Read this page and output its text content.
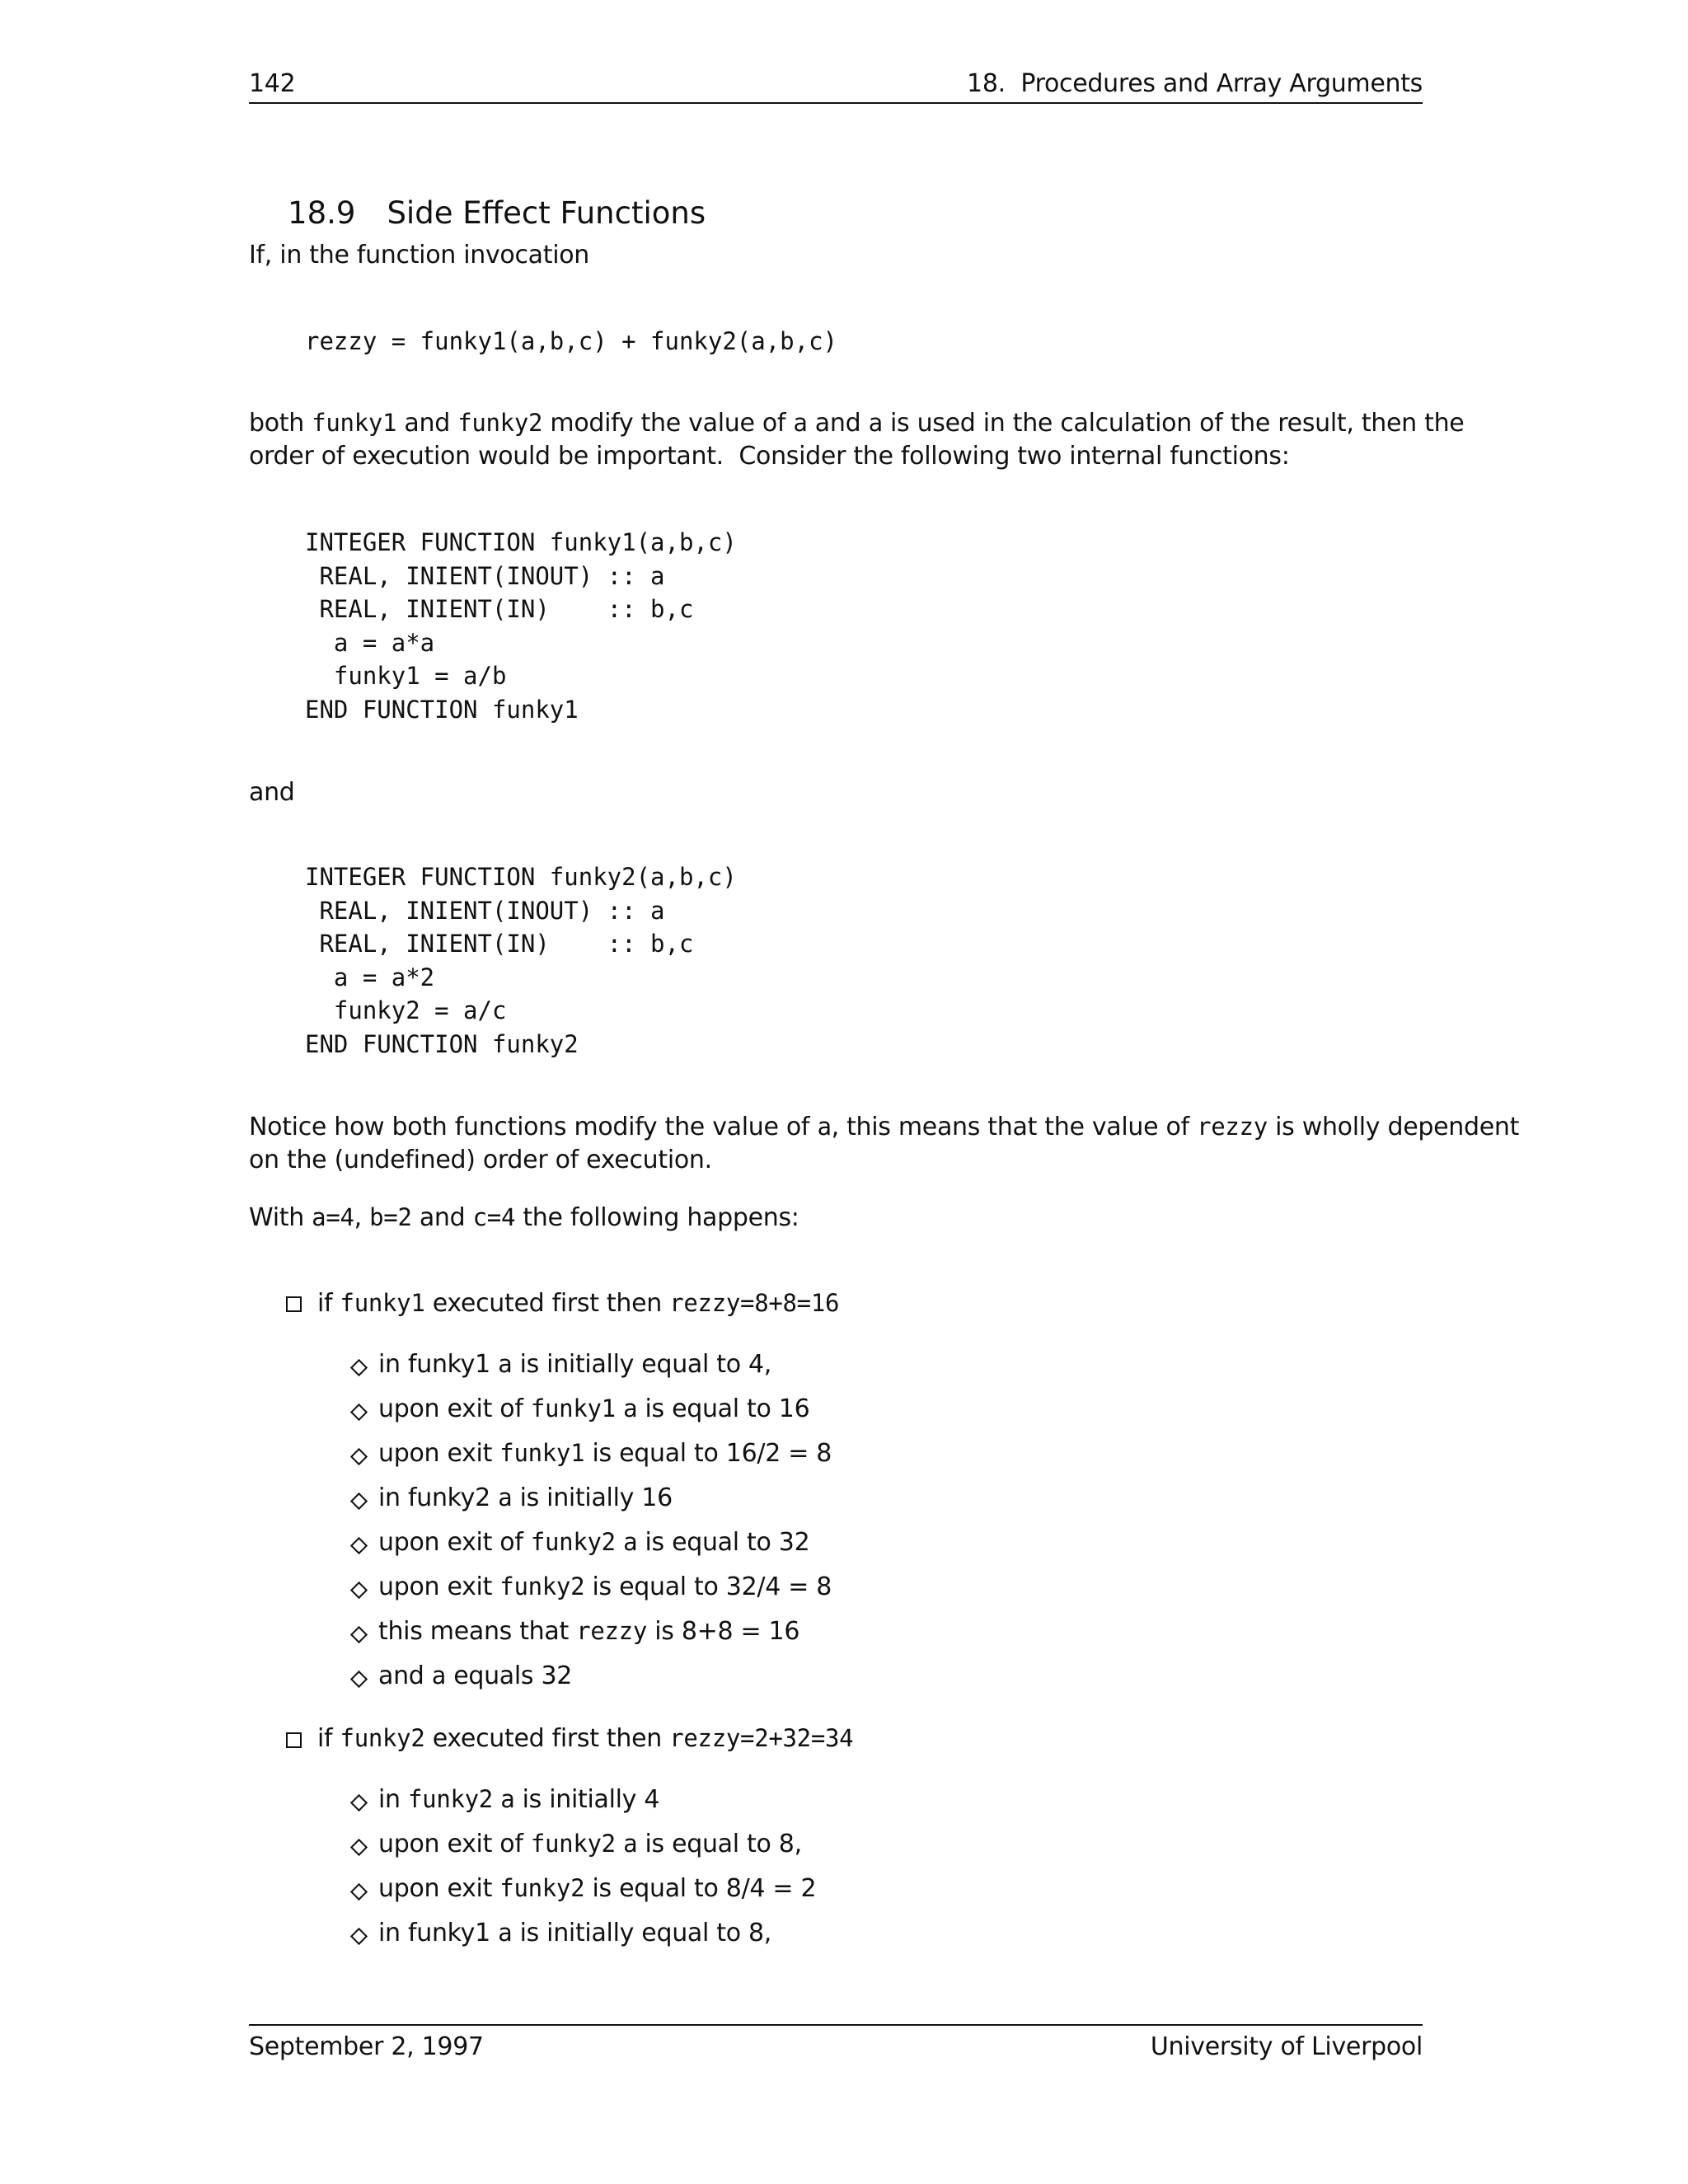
142	18.  Procedures and Array Arguments

18.9 Side Effect Functions

If, in the function invocation
rezzy = funky1(a,b,c) + funky2(a,b,c)
both funky1 and funky2 modify the value of a and a is used in the calculation of the result, then the
order of execution would be important.  Consider the following two internal functions:
INTEGER FUNCTION funky1(a,b,c)
REAL, INIENT(INOUT) :: a
REAL, INIENT(IN)    :: b,c
a = a*a
funky1 = a/b
END FUNCTION funky1
and
INTEGER FUNCTION funky2(a,b,c)
REAL, INIENT(INOUT) :: a
REAL, INIENT(IN)    :: b,c
a = a*2
funky2 = a/c
END FUNCTION funky2
Notice how both functions modify the value of a, this means that the value of rezzy is wholly dependent
on the (undefined) order of execution.
With a=4, b=2 and c=4 the following happens:
if funky1 executed first then rezzy=8+8=16
in funky1 a is initially equal to 4,
upon exit of funky1 a is equal to 16
upon exit funky1 is equal to 16/2 = 8
in funky2 a is initially 16
upon exit of funky2 a is equal to 32
upon exit funky2 is equal to 32/4 = 8
this means that rezzy is 8+8 = 16
and a equals 32
if funky2 executed first then rezzy=2+32=34
in funky2 a is initially 4
upon exit of funky2 a is equal to 8,
upon exit funky2 is equal to 8/4 = 2
in funky1 a is initially equal to 8,
September 2, 1997	University of Liverpool
